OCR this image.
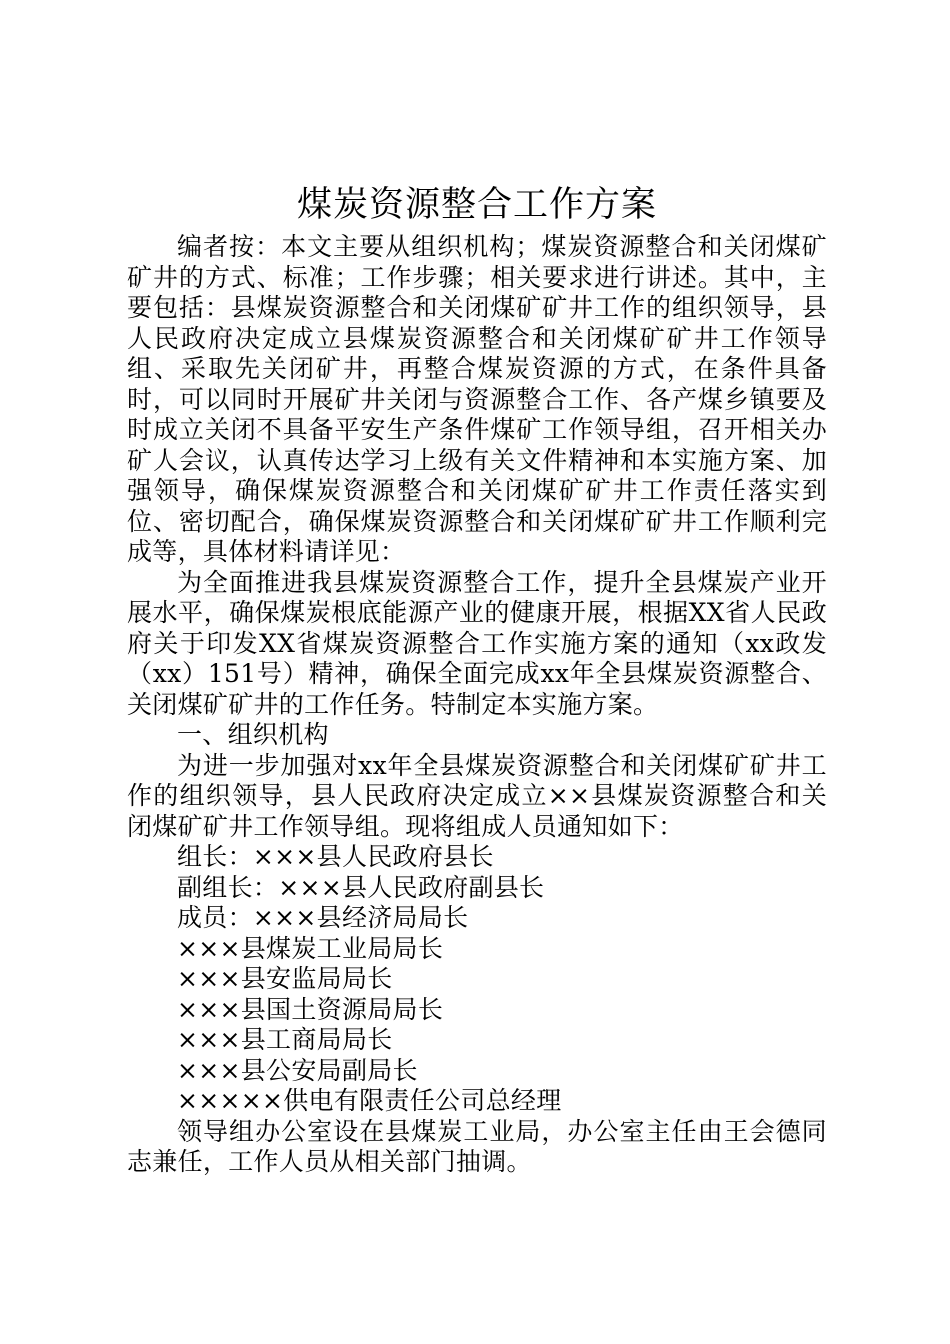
煤炭资源整合工作方案

编者按：本文主要从组织机构；煤炭资源整合和关闭煤矿矿井的方式、标准；工作步骤；相关要求进行讲述。其中，主要包括：县煤炭资源整合和关闭煤矿矿井工作的组织领导，县人民政府决定成立县煤炭资源整合和关闭煤矿矿井工作领导组、采取先关闭矿井，再整合煤炭资源的方式，在条件具备时，可以同时开展矿井关闭与资源整合工作、各产煤乡镇要及时成立关闭不具备平安生产条件煤矿工作领导组，召开相关办矿人会议，认真传达学习上级有关文件精神和本实施方案、加强领导，确保煤炭资源整合和关闭煤矿矿井工作责任落实到位、密切配合，确保煤炭资源整合和关闭煤矿矿井工作顺利完成等，具体材料请详见：

为全面推进我县煤炭资源整合工作，提升全县煤炭产业开展水平，确保煤炭根底能源产业的健康开展，根据XX省人民政府关于印发XX省煤炭资源整合工作实施方案的通知（xx政发（xx）151号）精神，确保全面完成xx年全县煤炭资源整合、关闭煤矿矿井的工作任务。特制定本实施方案。

一、组织机构

为进一步加强对xx年全县煤炭资源整合和关闭煤矿矿井工作的组织领导，县人民政府决定成立××县煤炭资源整合和关闭煤矿矿井工作领导组。现将组成人员通知如下：

组长：×××县人民政府县长

副组长：×××县人民政府副县长

成员：×××县经济局局长

×××县煤炭工业局局长

×××县安监局局长

×××县国土资源局局长

×××县工商局局长

×××县公安局副局长

×××××供电有限责任公司总经理

领导组办公室设在县煤炭工业局，办公室主任由王会德同志兼任，工作人员从相关部门抽调。
